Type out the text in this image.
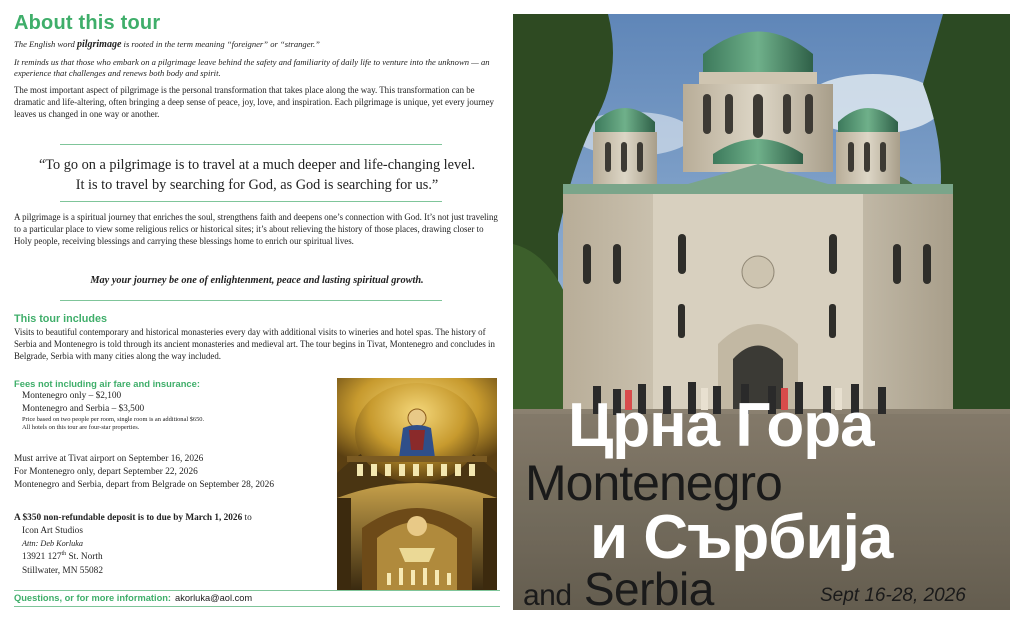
About this tour

The English word pilgrimage is rooted in the term meaning “foreigner” or “stranger.”

It reminds us that those who embark on a pilgrimage leave behind the safety and familiarity of daily life to venture into the unknown — an experience that challenges and renews both body and spirit.

The most important aspect of pilgrimage is the personal transformation that takes place along the way. This transformation can be dramatic and life-altering, often bringing a deep sense of peace, joy, love, and inspiration. Each pilgrimage is unique, yet every journey leaves us changed in one way or another.

“To go on a pilgrimage is to travel at a much deeper and life-changing level.
It is to travel by searching for God, as God is searching for us.”

A pilgrimage is a spiritual journey that enriches the soul, strengthens faith and deepens one’s connection with God. It’s not just traveling to a particular place to view some religious relics or historical sites; it’s about relieving the history of those places, drawing closer to Holy people, receiving blessings and carrying these blessings home to enrich our spiritual lives.

May your journey be one of enlightenment, peace and lasting spiritual growth.

This tour includes

Visits to beautiful contemporary and historical monasteries every day with additional visits to wineries and hotel spas. The history of Serbia and Montenegro is told through its ancient monasteries and medieval art. The tour begins in Tivat, Montenegro and concludes in Belgrade, Serbia with many cities along the way included.

Fees not including air fare and insurance:
Montenegro only – $2,100
Montenegro and Serbia – $3,500
Price based on two people per room, single room is an additional $650.
All hotels on this tour are four-star properties.
Must arrive at Tivat airport on September 16, 2026
For Montenegro only, depart September 22, 2026
Montenegro and Serbia, depart from Belgrade on September 28, 2026
A $350 non-refundable deposit is to due by March 1, 2026 to
Icon Art Studios
Attn: Deb Korluka
13921 127th St. North
Stillwater, MN 55082
Questions, or for more information: akorluka@aol.com
Црна Гора
Montenegro
и Сърбија
and Serbia	Sept 16-28, 2026
